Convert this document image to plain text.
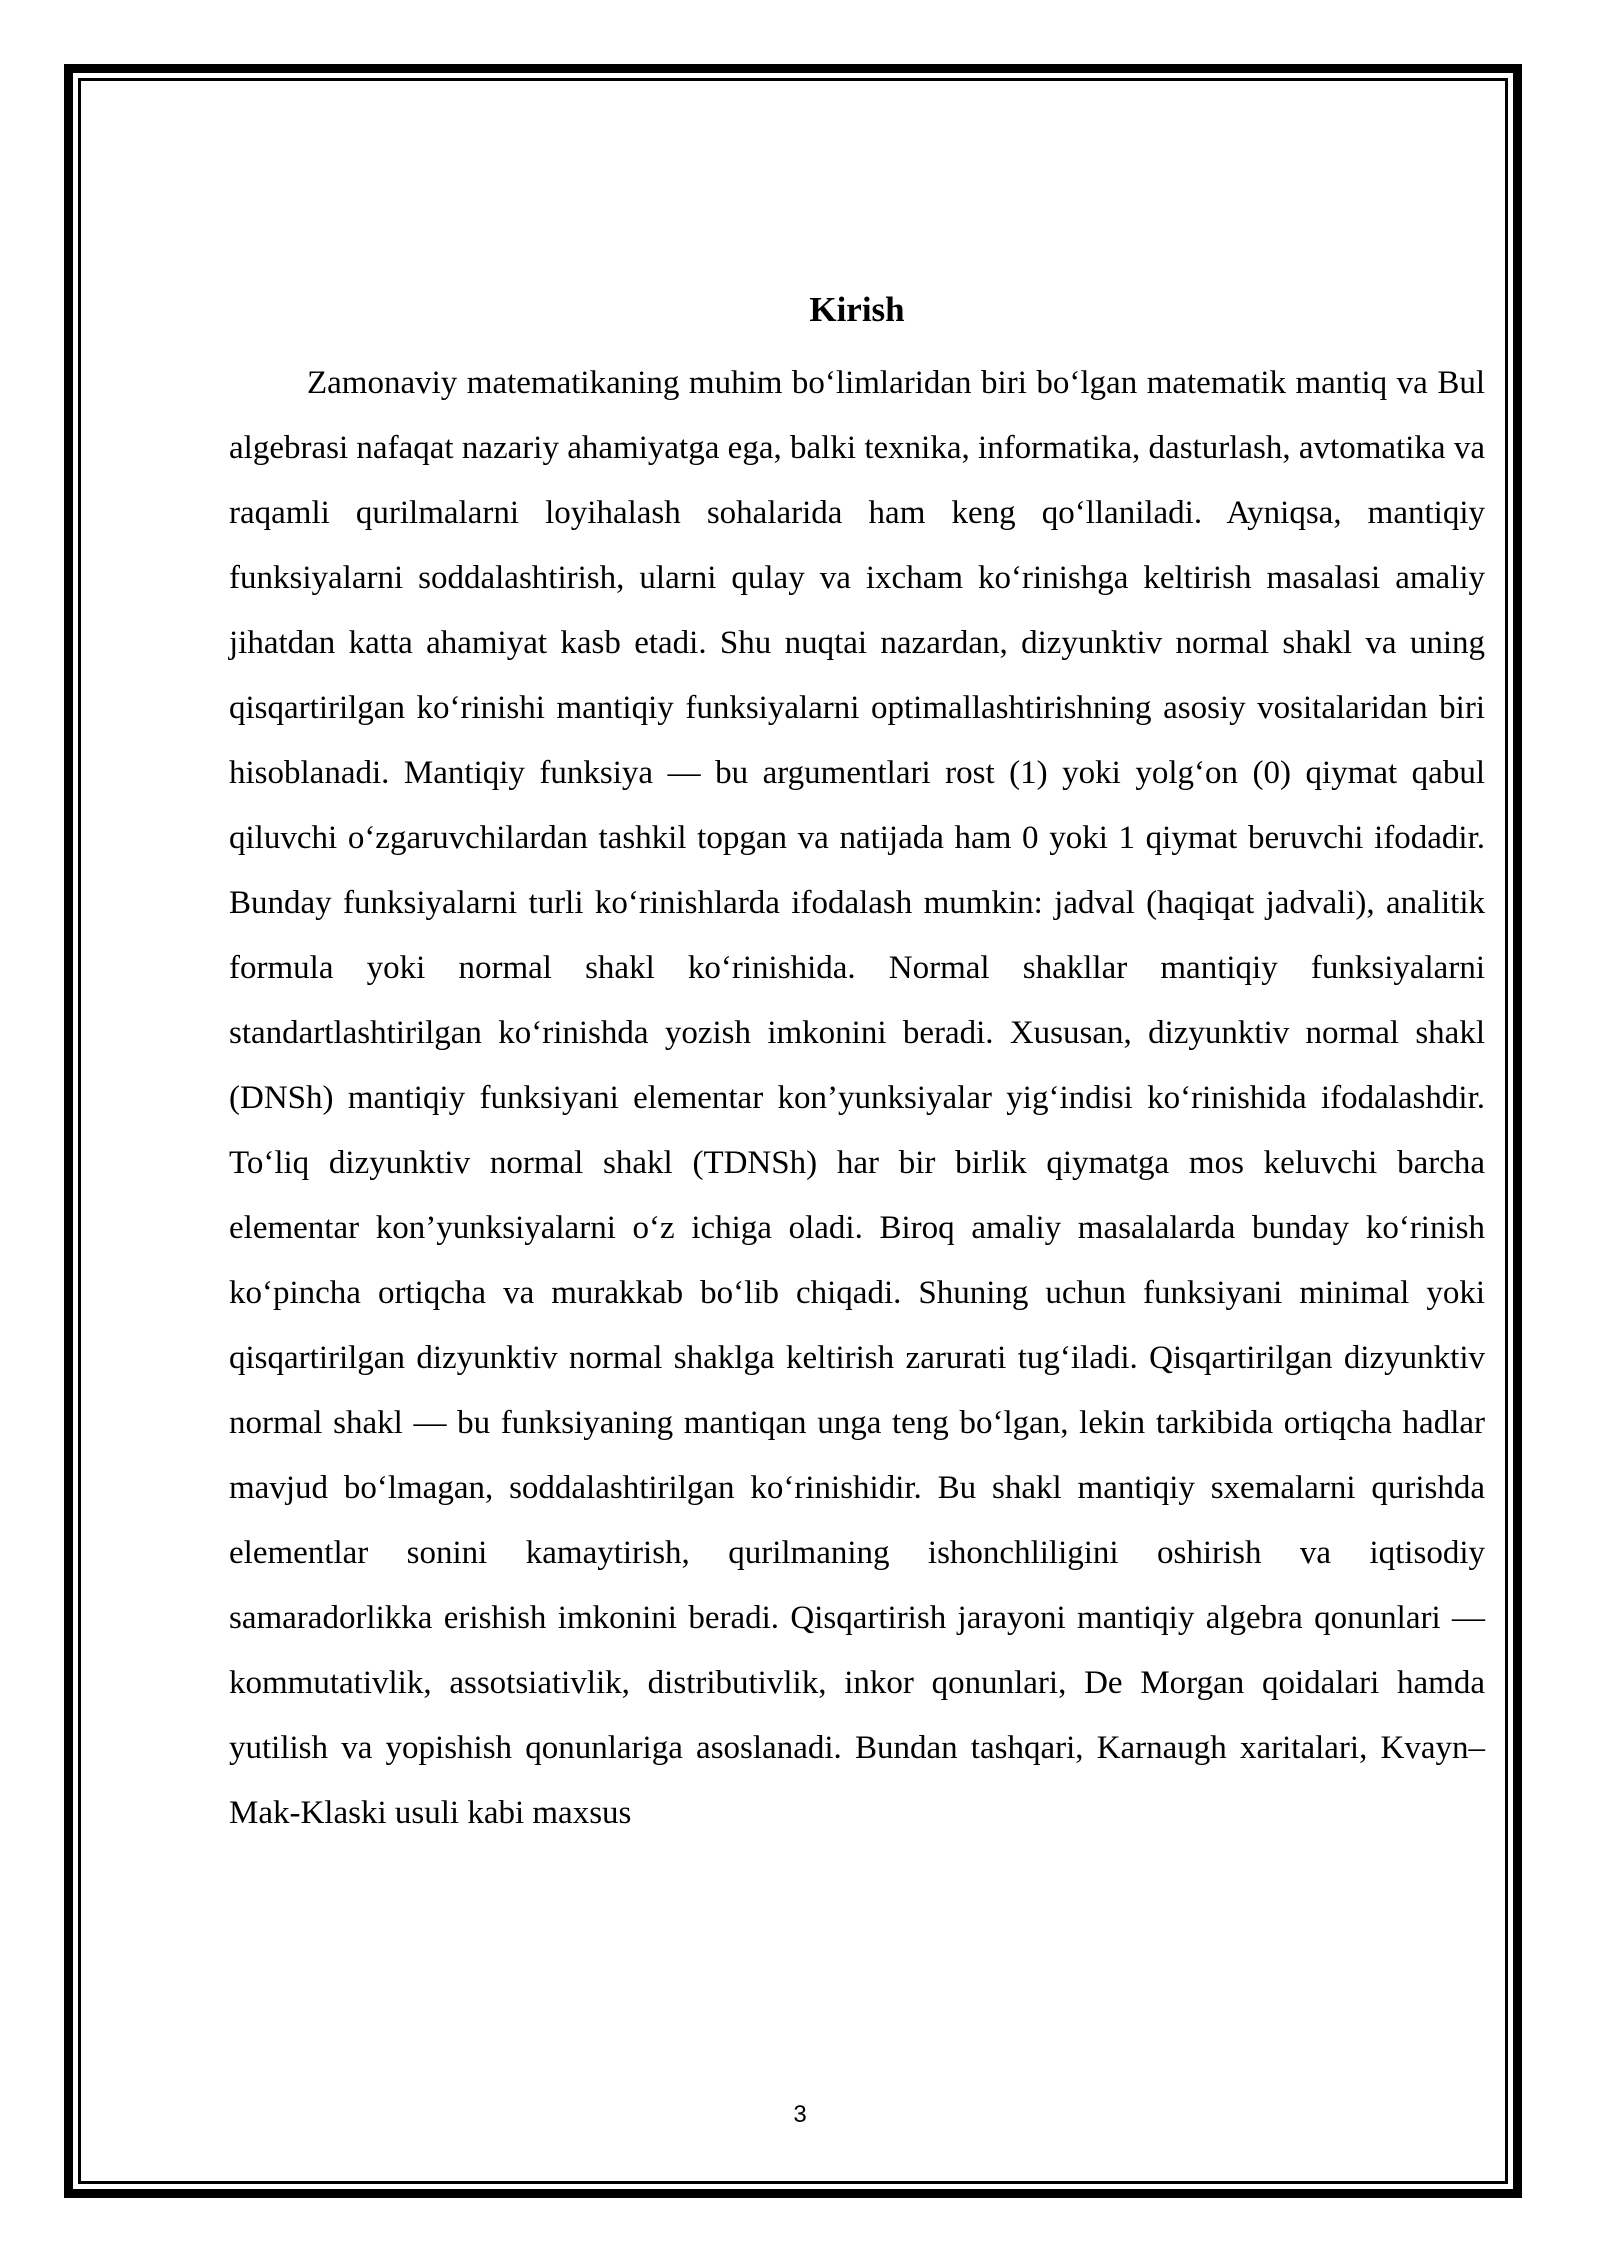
Kirish

Zamonaviy matematikaning muhim bo‘limlaridan biri bo‘lgan matematik mantiq va Bul algebrasi nafaqat nazariy ahamiyatga ega, balki texnika, informatika, dasturlash, avtomatika va raqamli qurilmalarni loyihalash sohalarida ham keng qo‘llaniladi. Ayniqsa, mantiqiy funksiyalarni soddalashtirish, ularni qulay va ixcham ko‘rinishga keltirish masalasi amaliy jihatdan katta ahamiyat kasb etadi. Shu nuqtai nazardan, dizyunktiv normal shakl va uning qisqartirilgan ko‘rinishi mantiqiy funksiyalarni optimallashtirishning asosiy vositalaridan biri hisoblanadi. Mantiqiy funksiya — bu argumentlari rost (1) yoki yolg‘on (0) qiymat qabul qiluvchi o‘zgaruvchilardan tashkil topgan va natijada ham 0 yoki 1 qiymat beruvchi ifodadir. Bunday funksiyalarni turli ko‘rinishlarda ifodalash mumkin: jadval (haqiqat jadvali), analitik formula yoki normal shakl ko‘rinishida. Normal shakllar mantiqiy funksiyalarni standartlashtirilgan ko‘rinishda yozish imkonini beradi. Xususan, dizyunktiv normal shakl (DNSh) mantiqiy funksiyani elementar kon’yunksiyalar yig‘indisi ko‘rinishida ifodalashdir. To‘liq dizyunktiv normal shakl (TDNSh) har bir birlik qiymatga mos keluvchi barcha elementar kon’yunksiyalarni o‘z ichiga oladi. Biroq amaliy masalalarda bunday ko‘rinish ko‘pincha ortiqcha va murakkab bo‘lib chiqadi. Shuning uchun funksiyani minimal yoki qisqartirilgan dizyunktiv normal shaklga keltirish zarurati tug‘iladi. Qisqartirilgan dizyunktiv normal shakl — bu funksiyaning mantiqan unga teng bo‘lgan, lekin tarkibida ortiqcha hadlar mavjud bo‘lmagan, soddalashtirilgan ko‘rinishidir. Bu shakl mantiqiy sxemalarni qurishda elementlar sonini kamaytirish, qurilmaning ishonchliligini oshirish va iqtisodiy samaradorlikka erishish imkonini beradi. Qisqartirish jarayoni mantiqiy algebra qonunlari — kommutativlik, assotsiativlik, distributivlik, inkor qonunlari, De Morgan qoidalari hamda yutilish va yopishish qonunlariga asoslanadi. Bundan tashqari, Karnaugh xaritalari, Kvayn–Mak-Klaski usuli kabi maxsus

3
